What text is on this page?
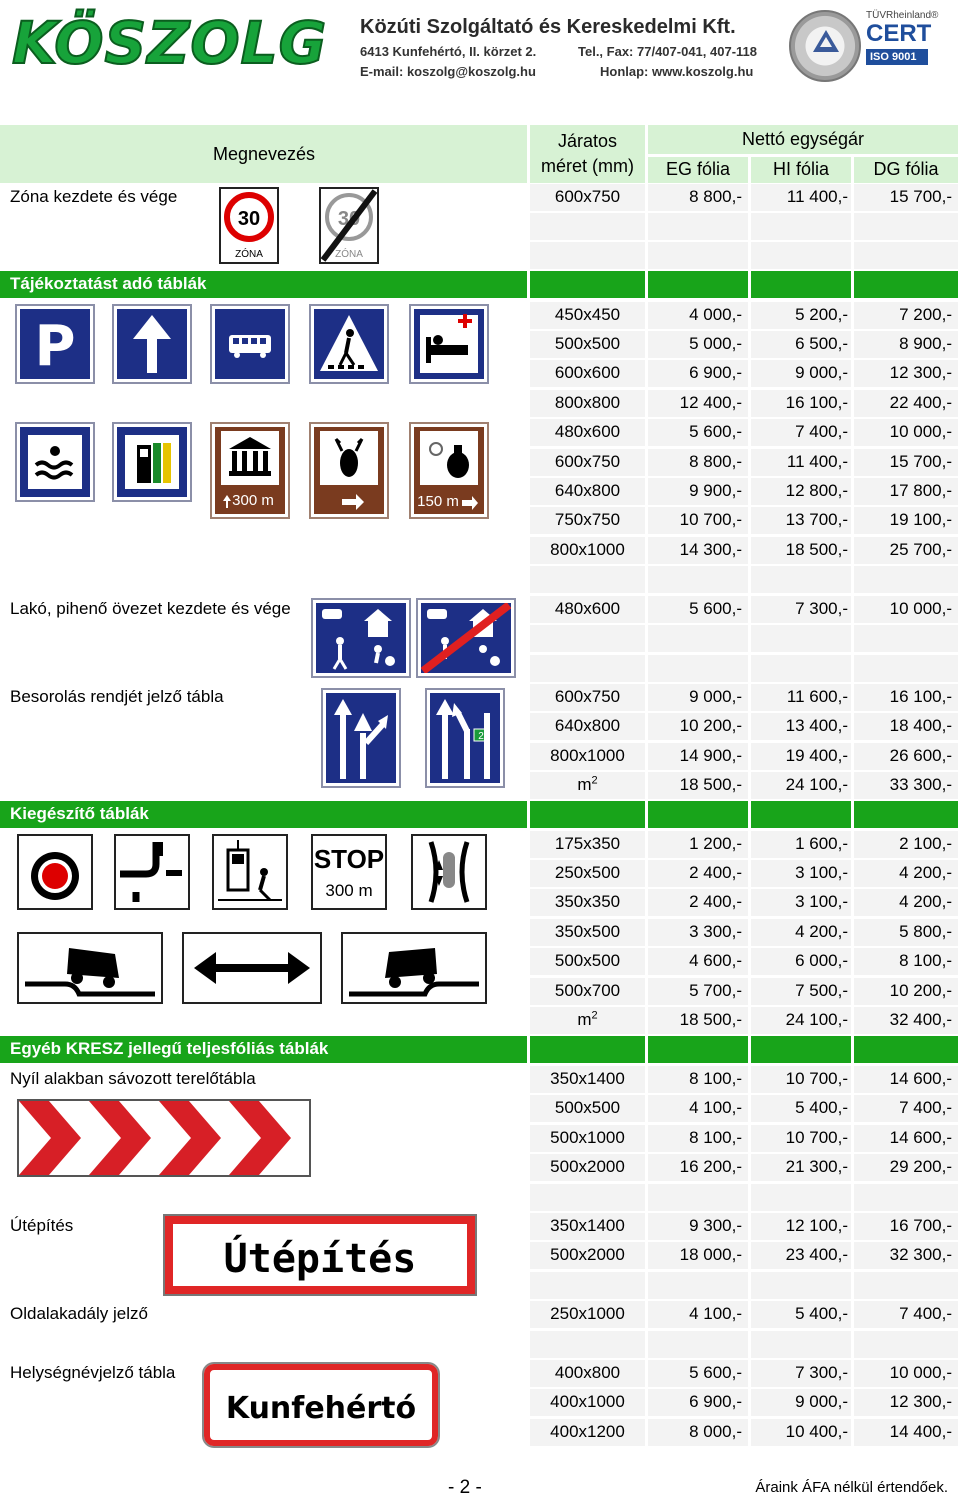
KÖSZOLG Közúti Szolgáltató és Kereskedelmi Kft.
6413 Kunfehértó, II. körzet 2.	Tel., Fax: 77/407-041, 407-118
E-mail: koszolg@koszolg.hu	Honlap: www.koszolg.hu
TÜVRheinland®
CERT
ISO 9001
Megnevezés
Járatos
méret (mm)
Nettó egységár
EG fólia	HI fólia	DG fólia
Zóna kezdete és vége	600x750	8 800,-	11 400,-	15 700,-
Tájékoztatást adó táblák
450x450	4 000,-	5 200,-	7 200,-
500x500	5 000,-	6 500,-	8 900,-
600x600	6 900,-	9 000,-	12 300,-
800x800	12 400,-	16 100,-	22 400,-
480x600	5 600,-	7 400,-	10 000,-
600x750	8 800,-	11 400,-	15 700,-
640x800	9 900,-	12 800,-	17 800,-
750x750	10 700,-	13 700,-	19 100,-
800x1000	14 300,-	18 500,-	25 700,-
Lakó, pihenő övezet kezdete és vége	480x600	5 600,-	7 300,-	10 000,-
Besorolás rendjét jelző tábla	600x750	9 000,-	11 600,-	16 100,-
640x800	10 200,-	13 400,-	18 400,-
800x1000	14 900,-	19 400,-	26 600,-
$m^2$	18 500,-	24 100,-	33 300,-
Kiegészítő táblák
175x350	1 200,-	1 600,-	2 100,-
250x500	2 400,-	3 100,-	4 200,-
350x350	2 400,-	3 100,-	4 200,-
350x500	3 300,-	4 200,-	5 800,-
500x500	4 600,-	6 000,-	8 100,-
500x700	5 700,-	7 500,-	10 200,-
$m^2$	18 500,-	24 100,-	32 400,-
Egyéb KRESZ jellegű teljesfóliás táblák
Nyíl alakban sávozott terelőtábla	350x1400	8 100,-	10 700,-	14 600,-
500x500	4 100,-	5 400,-	7 400,-
500x1000	8 100,-	10 700,-	14 600,-
500x2000	16 200,-	21 300,-	29 200,-
Útépítés	350x1400	9 300,-	12 100,-	16 700,-
500x2000	18 000,-	23 400,-	32 300,-
Oldalakadály jelző	250x1000	4 100,-	5 400,-	7 400,-
Helységnévjelző tábla	400x800	5 600,-	7 300,-	10 000,-
400x1000	6 900,-	9 000,-	12 300,-
400x1200	8 000,-	10 400,-	14 400,-
30
ZÓNA
30
ZÓNA
P
300 m	150 m
2
STOP
300 m
Útépítés
Kunfehértó
- 2 -	Áraink ÁFA nélkül értendőek.
